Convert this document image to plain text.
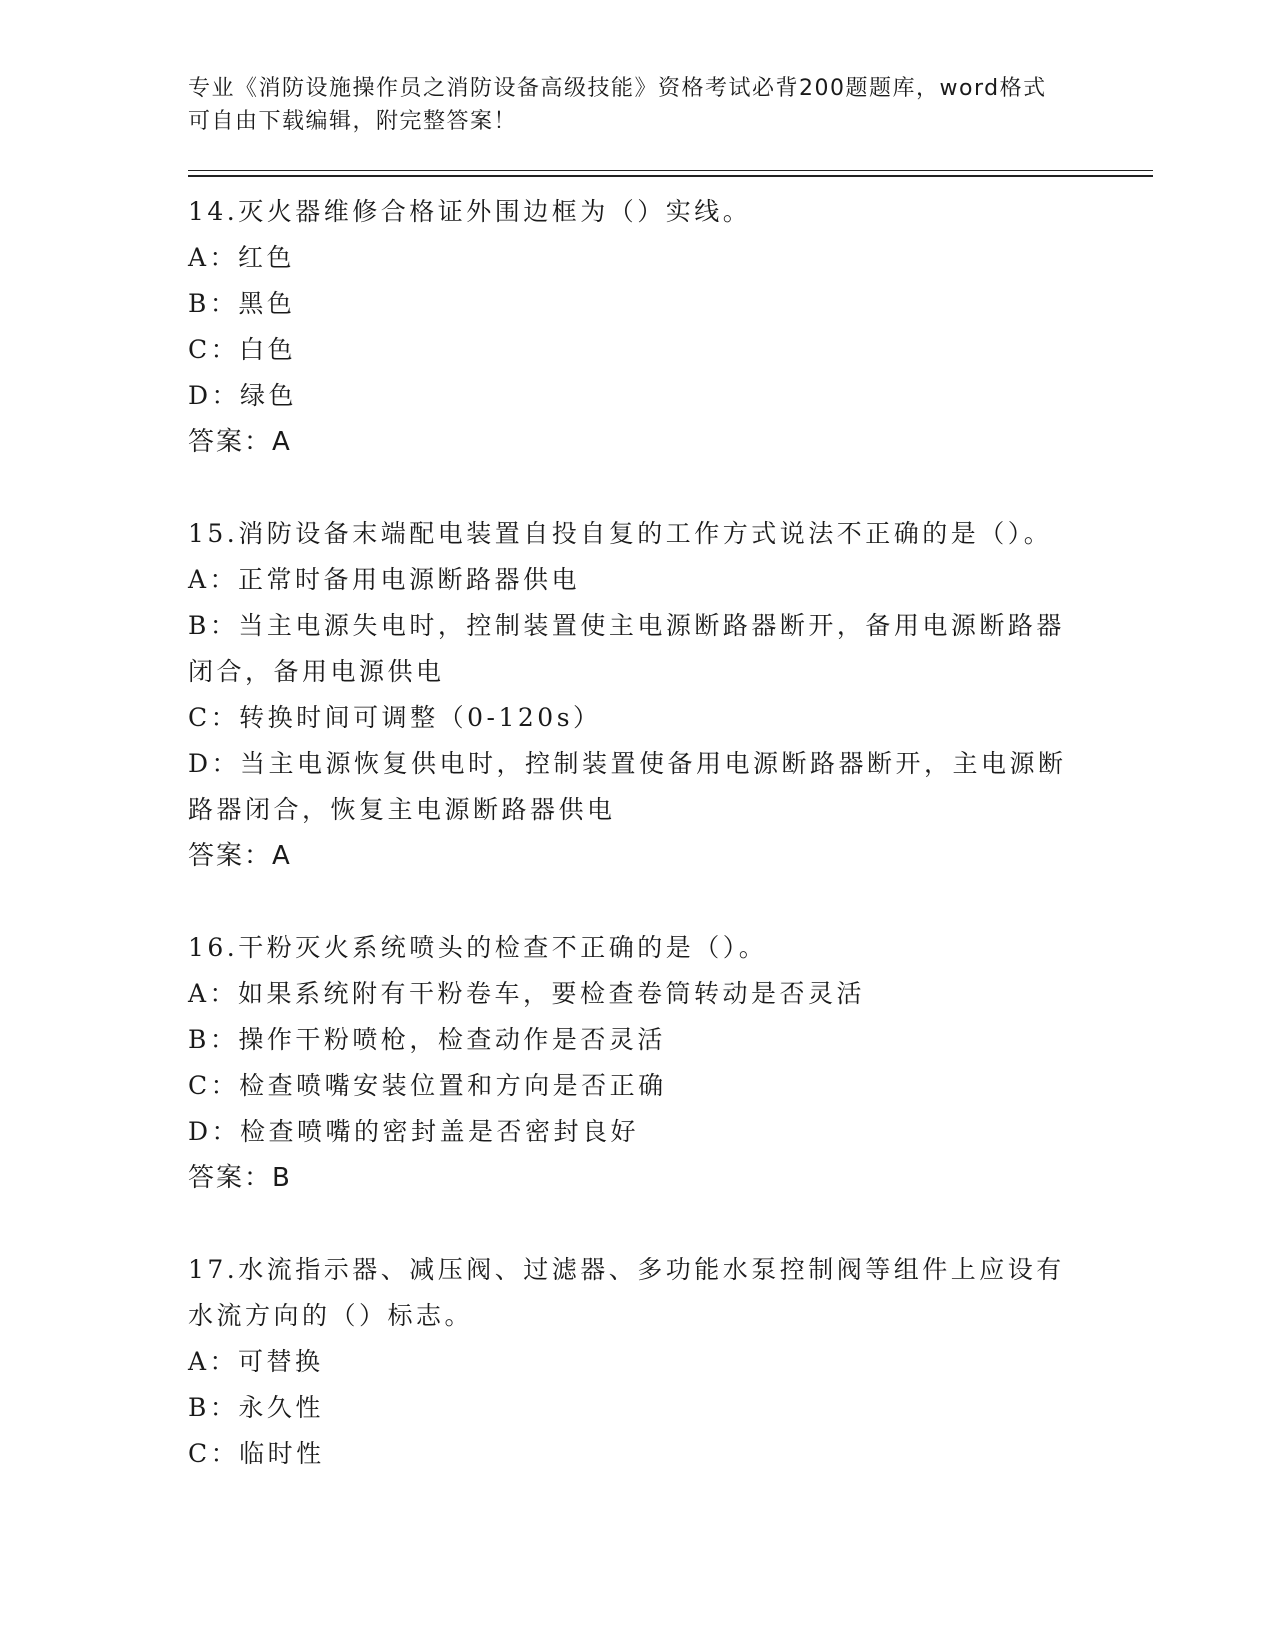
专业《消防设施操作员之消防设备高级技能》资格考试必背200题题库，word格式可自由下载编辑，附完整答案！
14.灭火器维修合格证外围边框为（）实线。
A：红色
B：黑色
C：白色
D：绿色
答案：A
15.消防设备末端配电装置自投自复的工作方式说法不正确的是（）。
A：正常时备用电源断路器供电
B：当主电源失电时，控制装置使主电源断路器断开，备用电源断路器闭合，备用电源供电
C：转换时间可调整（0-120s）
D：当主电源恢复供电时，控制装置使备用电源断路器断开，主电源断路器闭合，恢复主电源断路器供电
答案：A
16.干粉灭火系统喷头的检查不正确的是（）。
A：如果系统附有干粉卷车，要检查卷筒转动是否灵活
B：操作干粉喷枪，检查动作是否灵活
C：检查喷嘴安装位置和方向是否正确
D：检查喷嘴的密封盖是否密封良好
答案：B
17.水流指示器、减压阀、过滤器、多功能水泵控制阀等组件上应设有水流方向的（）标志。
A：可替换
B：永久性
C：临时性
